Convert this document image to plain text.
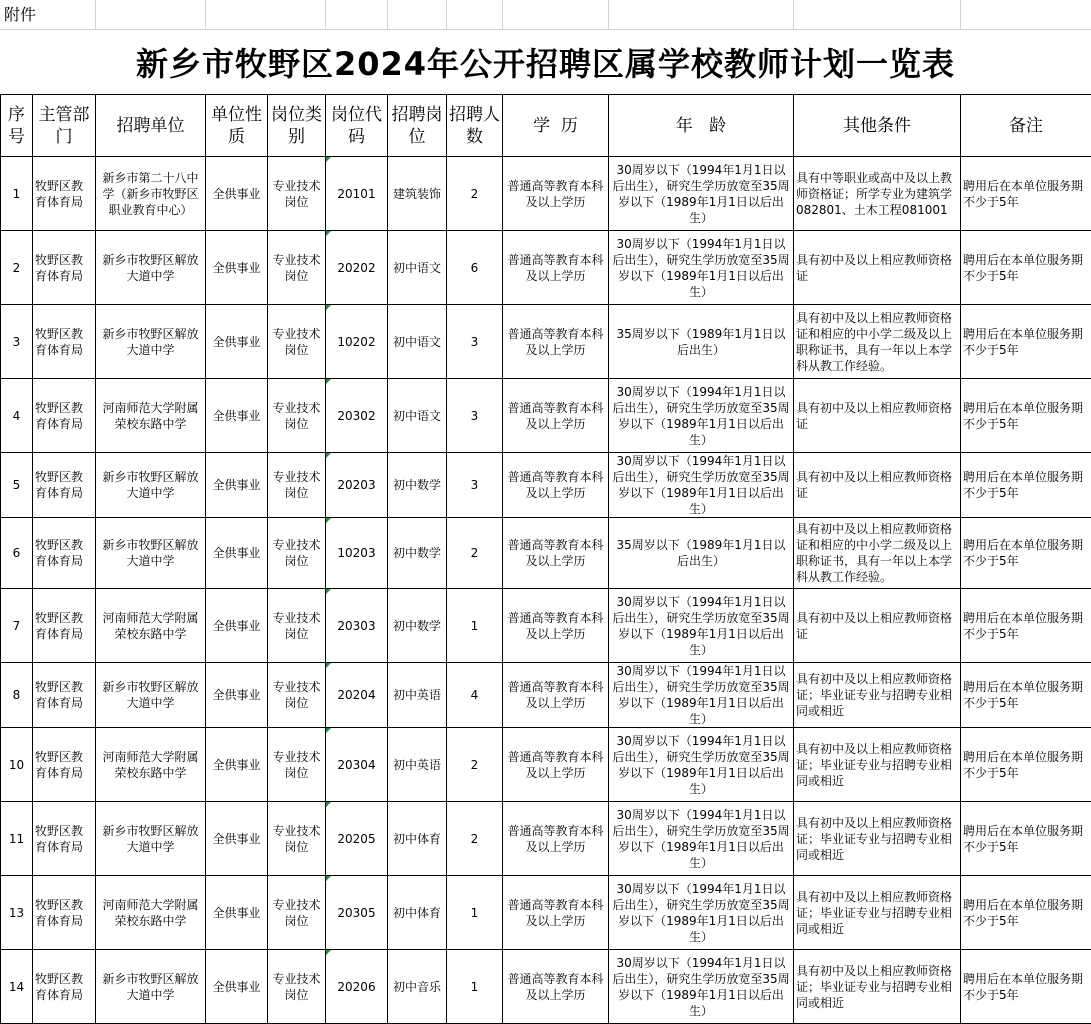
附件
新乡市牧野区2024年公开招聘区属学校教师计划一览表
序号	主管部门	招聘单位	单位性质	岗位类别	岗位代码	招聘岗位	招聘人数	学  历	年   龄	其他条件	备注

1	牧野区教育体育局	新乡市第二十八中学（新乡市牧野区职业教育中心）	全供事业	专业技术岗位	20101	建筑装饰	2	普通高等教育本科及以上学历	30周岁以下（1994年1月1日以后出生），研究生学历放宽至35周岁以下（1989年1月1日以后出生）	具有中等职业或高中及以上教师资格证；所学专业为建筑学082801、土木工程081001	聘用后在本单位服务期不少于5年

2	牧野区教育体育局	新乡市牧野区解放大道中学	全供事业	专业技术岗位	20202	初中语文	6	普通高等教育本科及以上学历	30周岁以下（1994年1月1日以后出生），研究生学历放宽至35周岁以下（1989年1月1日以后出生）	具有初中及以上相应教师资格证	聘用后在本单位服务期不少于5年

3	牧野区教育体育局	新乡市牧野区解放大道中学	全供事业	专业技术岗位	10202	初中语文	3	普通高等教育本科及以上学历	35周岁以下（1989年1月1日以后出生）	具有初中及以上相应教师资格证和相应的中小学二级及以上职称证书，具有一年以上本学科从教工作经验。	聘用后在本单位服务期不少于5年

4	牧野区教育体育局	河南师范大学附属荣校东路中学	全供事业	专业技术岗位	20302	初中语文	3	普通高等教育本科及以上学历	30周岁以下（1994年1月1日以后出生），研究生学历放宽至35周岁以下（1989年1月1日以后出生）	具有初中及以上相应教师资格证	聘用后在本单位服务期不少于5年

5	牧野区教育体育局	新乡市牧野区解放大道中学	全供事业	专业技术岗位	20203	初中数学	3	普通高等教育本科及以上学历	30周岁以下（1994年1月1日以后出生），研究生学历放宽至35周岁以下（1989年1月1日以后出生）	具有初中及以上相应教师资格证	聘用后在本单位服务期不少于5年

6	牧野区教育体育局	新乡市牧野区解放大道中学	全供事业	专业技术岗位	10203	初中数学	2	普通高等教育本科及以上学历	35周岁以下（1989年1月1日以后出生）	具有初中及以上相应教师资格证和相应的中小学二级及以上职称证书，具有一年以上本学科从教工作经验。	聘用后在本单位服务期不少于5年

7	牧野区教育体育局	河南师范大学附属荣校东路中学	全供事业	专业技术岗位	20303	初中数学	1	普通高等教育本科及以上学历	30周岁以下（1994年1月1日以后出生），研究生学历放宽至35周岁以下（1989年1月1日以后出生）	具有初中及以上相应教师资格证	聘用后在本单位服务期不少于5年

8	牧野区教育体育局	新乡市牧野区解放大道中学	全供事业	专业技术岗位	20204	初中英语	4	普通高等教育本科及以上学历	30周岁以下（1994年1月1日以后出生），研究生学历放宽至35周岁以下（1989年1月1日以后出生）	具有初中及以上相应教师资格证；毕业证专业与招聘专业相同或相近	聘用后在本单位服务期不少于5年

10	牧野区教育体育局	河南师范大学附属荣校东路中学	全供事业	专业技术岗位	20304	初中英语	2	普通高等教育本科及以上学历	30周岁以下（1994年1月1日以后出生），研究生学历放宽至35周岁以下（1989年1月1日以后出生）	具有初中及以上相应教师资格证；毕业证专业与招聘专业相同或相近	聘用后在本单位服务期不少于5年

11	牧野区教育体育局	新乡市牧野区解放大道中学	全供事业	专业技术岗位	20205	初中体育	2	普通高等教育本科及以上学历	30周岁以下（1994年1月1日以后出生），研究生学历放宽至35周岁以下（1989年1月1日以后出生）	具有初中及以上相应教师资格证；毕业证专业与招聘专业相同或相近	聘用后在本单位服务期不少于5年

13	牧野区教育体育局	河南师范大学附属荣校东路中学	全供事业	专业技术岗位	20305	初中体育	1	普通高等教育本科及以上学历	30周岁以下（1994年1月1日以后出生），研究生学历放宽至35周岁以下（1989年1月1日以后出生）	具有初中及以上相应教师资格证；毕业证专业与招聘专业相同或相近	聘用后在本单位服务期不少于5年

14	牧野区教育体育局	新乡市牧野区解放大道中学	全供事业	专业技术岗位	20206	初中音乐	1	普通高等教育本科及以上学历	30周岁以下（1994年1月1日以后出生），研究生学历放宽至35周岁以下（1989年1月1日以后出生）	具有初中及以上相应教师资格证；毕业证专业与招聘专业相同或相近	聘用后在本单位服务期不少于5年
